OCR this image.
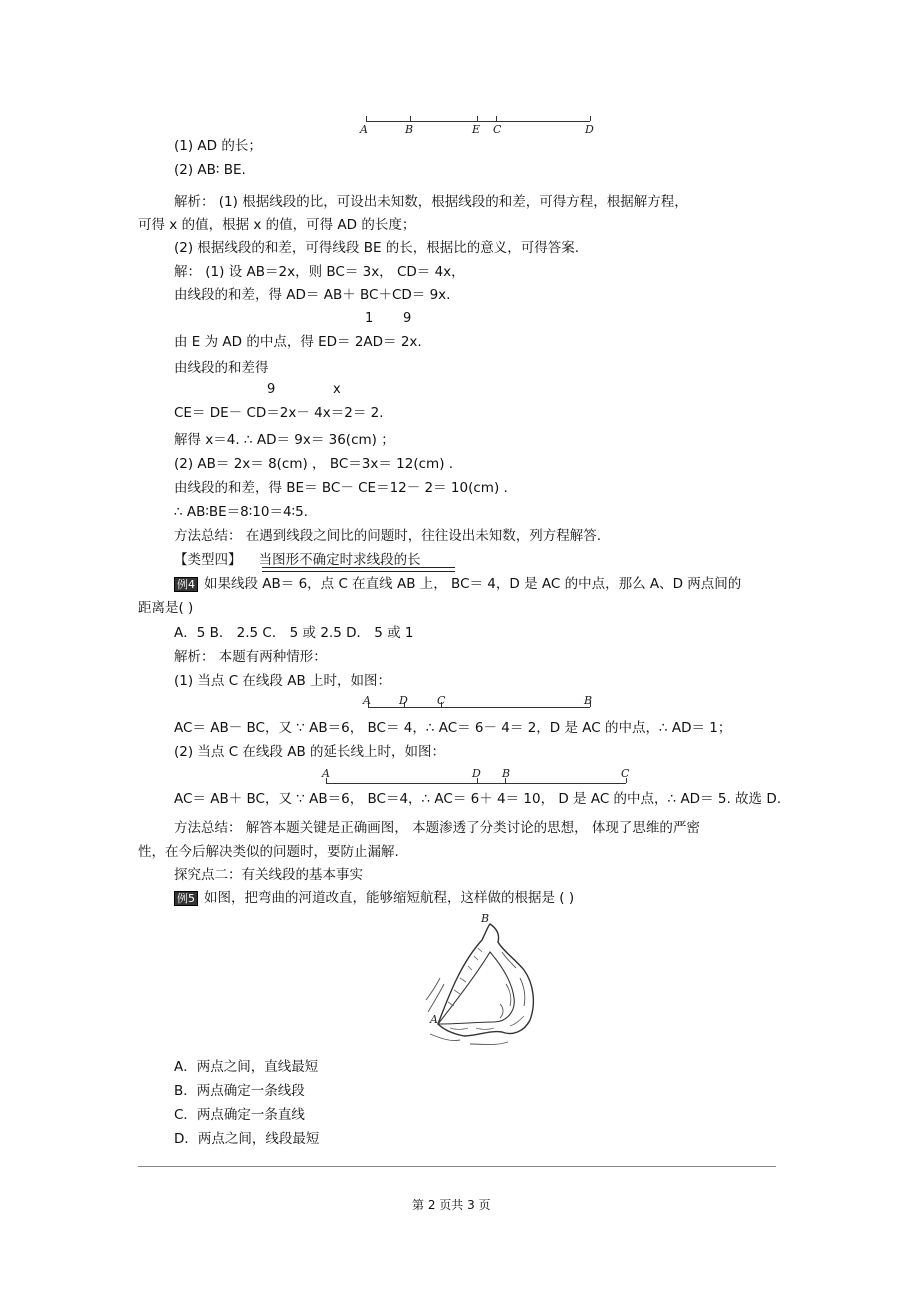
A	B	E C	D
(1) AD 的长；
(2) AB∶ BE.
解析： (1) 根据线段的比，可设出未知数，根据线段的和差，可得方程，根据解方程，
可得 x 的值，根据 x 的值，可得 AD 的长度；
(2) 根据线段的和差，可得线段 BE 的长，根据比的意义，可得答案.
解： (1) 设 AB＝2x，则 BC＝ 3x， CD＝ 4x，
由线段的和差，得 AD＝ AB＋ BC＋CD＝ 9x.
1 9
由 E 为 AD 的中点，得 ED＝ 2AD＝ 2x.
由线段的和差得
9	x
CE＝ DE－ CD＝2x－ 4x＝2＝ 2.
解得 x＝4. ∴ AD＝ 9x＝ 36(cm) ；
(2) AB＝ 2x＝ 8(cm) ， BC＝3x＝ 12(cm) .
由线段的和差，得 BE＝ BC－ CE＝12－ 2＝ 10(cm) .
∴ AB∶BE＝8∶10＝4∶5.
方法总结： 在遇到线段之间比的问题时，往往设出未知数，列方程解答.
【类型四】 当图形不确定时求线段的长
例4 如果线段 AB＝ 6，点 C 在直线 AB 上， BC＝ 4，D 是 AC 的中点，那么 A、D 两点间的
距离是( )
A．5 B． 2.5 C． 5 或 2.5 D． 5 或 1
解析： 本题有两种情形：
(1) 当点 C 在线段 AB 上时，如图：
A	D	C	B
AC＝ AB－ BC，又 ∵ AB＝6， BC＝ 4，∴ AC＝ 6－ 4＝ 2，D 是 AC 的中点，∴ AD＝ 1；
(2) 当点 C 在线段 AB 的延长线上时，如图：
A	D B	C
AC＝ AB＋ BC，又 ∵ AB＝6， BC＝4，∴ AC＝ 6＋ 4＝ 10， D 是 AC 的中点，∴ AD＝ 5. 故选 D.
方法总结： 解答本题关键是正确画图， 本题渗透了分类讨论的思想， 体现了思维的严密
性，在今后解决类似的问题时，要防止漏解.
探究点二：有关线段的基本事实
例5 如图，把弯曲的河道改直，能够缩短航程，这样做的根据是 ( )
B
A
A．两点之间，直线最短
B．两点确定一条线段
C．两点确定一条直线
D．两点之间，线段最短
第 2 页共 3 页
